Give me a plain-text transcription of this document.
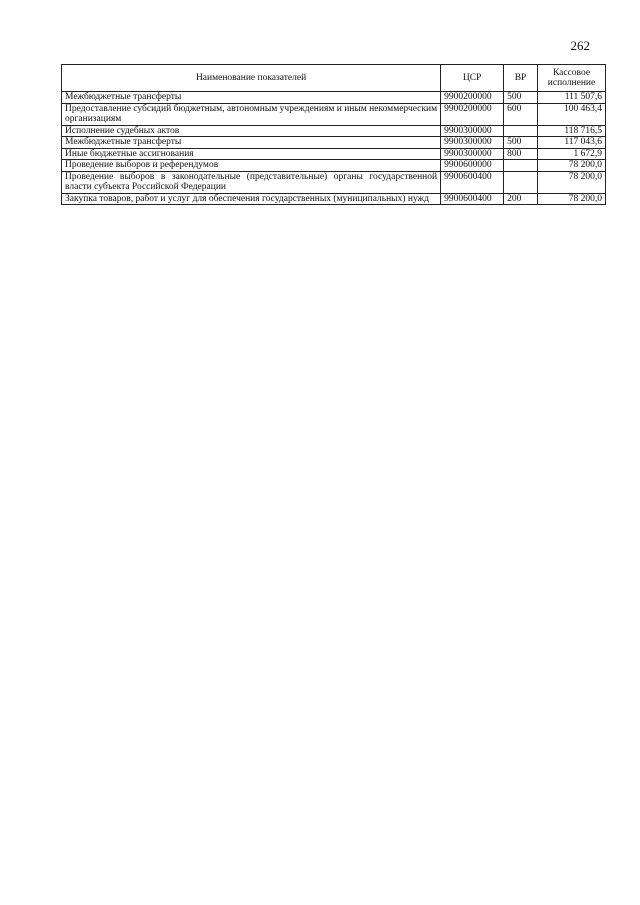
262
Наименование показателей	ЦСР	ВР	Кассовое исполнение
Межбюджетные трансферты	9900200000	500	111 507,6
Предоставление субсидий бюджетным, автономным учреждениям и иным некоммерческим организациям	9900200000	600	100 463,4
Исполнение судебных актов	9900300000		118 716,5
Межбюджетные трансферты	9900300000	500	117 043,6
Иные бюджетные ассигнования	9900300000	800	1 672,9
Проведение выборов и референдумов	9900600000		78 200,0
Проведение выборов в законодательные (представительные) органы государственной власти субъекта Российской Федерации	9900600400		78 200,0
Закупка товаров, работ и услуг для обеспечения государственных (муниципальных) нужд	9900600400	200	78 200,0
